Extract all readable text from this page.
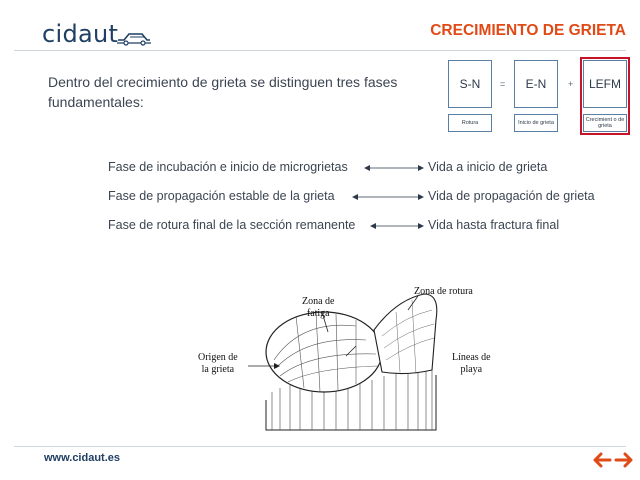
cidaut	CRECIMIENTO DE GRIETA
Dentro del crecimiento de grieta se distinguen tres fases fundamentales:
S-N	=	E-N	+	LEFM
Rotura	Inicio de grieta	Crecimient o de grieta
Fase de incubación e inicio de microgrietas	Vida a inicio de grieta
Fase de propagación estable de la grieta	Vida de propagación de grieta
Fase de rotura final de la sección remanente	Vida hasta fractura final
Zona de
fatiga
Zona de rotura
Origen de
la grieta
Líneas de
playa
www.cidaut.es
